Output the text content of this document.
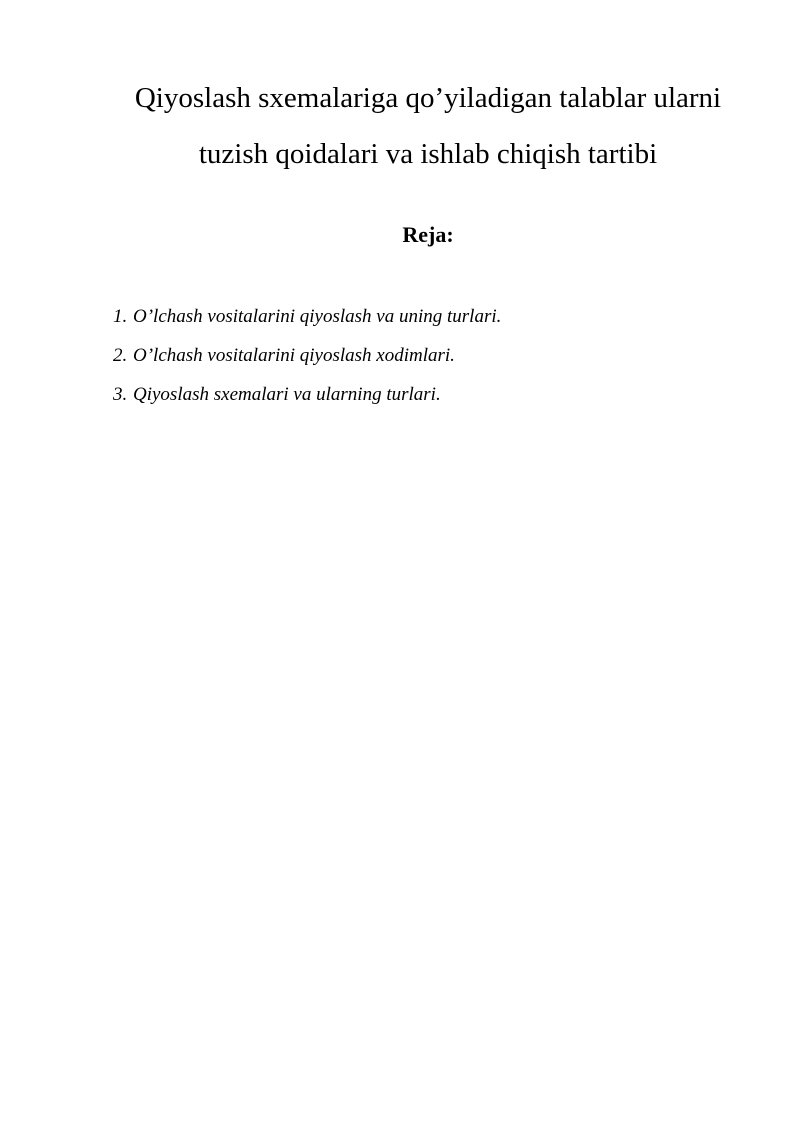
Qiyoslash sxemalariga qo’yiladigan talablar ularni
tuzish qoidalari va ishlab chiqish tartibi
Reja:
1. O’lchash vositalarini qiyoslash va uning turlari.
2. O’lchash vositalarini qiyoslash xodimlari.
3. Qiyoslash sxemalari va ularning turlari.
